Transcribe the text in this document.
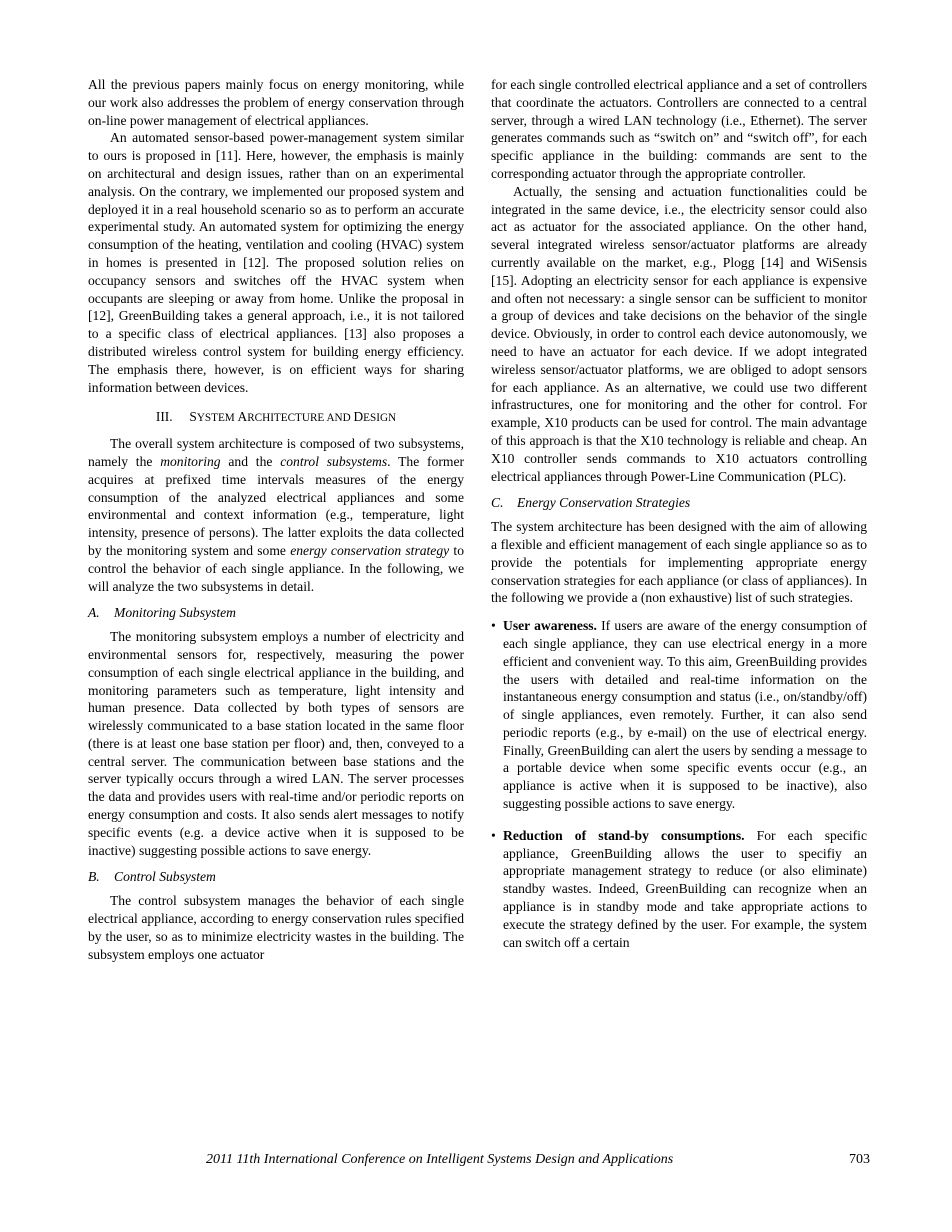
All the previous papers mainly focus on energy monitoring, while our work also addresses the problem of energy conservation through on-line power management of electrical appliances.

An automated sensor-based power-management system similar to ours is proposed in [11]. Here, however, the emphasis is mainly on architectural and design issues, rather than on an experimental analysis. On the contrary, we implemented our proposed system and deployed it in a real household scenario so as to perform an accurate experimental study. An automated system for optimizing the energy consumption of the heating, ventilation and cooling (HVAC) system in homes is presented in [12]. The proposed solution relies on occupancy sensors and switches off the HVAC system when occupants are sleeping or away from home. Unlike the proposal in [12], GreenBuilding takes a general approach, i.e., it is not tailored to a specific class of electrical appliances. [13] also proposes a distributed wireless control system for building energy efficiency. The emphasis there, however, is on efficient ways for sharing information between devices.

III. SYSTEM ARCHITECTURE AND DESIGN

The overall system architecture is composed of two subsystems, namely the monitoring and the control subsystems. The former acquires at prefixed time intervals measures of the energy consumption of the analyzed electrical appliances and some environmental and context information (e.g., temperature, light intensity, presence of persons). The latter exploits the data collected by the monitoring system and some energy conservation strategy to control the behavior of each single appliance. In the following, we will analyze the two subsystems in detail.

A. Monitoring Subsystem

The monitoring subsystem employs a number of electricity and environmental sensors for, respectively, measuring the power consumption of each single electrical appliance in the building, and monitoring parameters such as temperature, light intensity and human presence. Data collected by both types of sensors are wirelessly communicated to a base station located in the same floor (there is at least one base station per floor) and, then, conveyed to a central server. The communication between base stations and the server typically occurs through a wired LAN. The server processes the data and provides users with real-time and/or periodic reports on energy consumption and costs. It also sends alert messages to notify specific events (e.g. a device active when it is supposed to be inactive) suggesting possible actions to save energy.

B. Control Subsystem

The control subsystem manages the behavior of each single electrical appliance, according to energy conservation rules specified by the user, so as to minimize electricity wastes in the building. The subsystem employs one actuator

for each single controlled electrical appliance and a set of controllers that coordinate the actuators. Controllers are connected to a central server, through a wired LAN technology (i.e., Ethernet). The server generates commands such as “switch on” and “switch off”, for each specific appliance in the building: commands are sent to the corresponding actuator through the appropriate controller.

Actually, the sensing and actuation functionalities could be integrated in the same device, i.e., the electricity sensor could also act as actuator for the associated appliance. On the other hand, several integrated wireless sensor/actuator platforms are already currently available on the market, e.g., Plogg [14] and WiSensis [15]. Adopting an electricity sensor for each appliance is expensive and often not necessary: a single sensor can be sufficient to monitor a group of devices and take decisions on the behavior of the single device. Obviously, in order to control each device autonomously, we need to have an actuator for each device. If we adopt integrated wireless sensor/actuator platforms, we are obliged to adopt sensors for each appliance. As an alternative, we could use two different infrastructures, one for monitoring and the other for control. For example, X10 products can be used for control. The main advantage of this approach is that the X10 technology is reliable and cheap. An X10 controller sends commands to X10 actuators controlling electrical appliances through Power-Line Communication (PLC).

C. Energy Conservation Strategies

The system architecture has been designed with the aim of allowing a flexible and efficient management of each single appliance so as to provide the potentials for implementing appropriate energy conservation strategies for each appliance (or class of appliances). In the following we provide a (non exhaustive) list of such strategies.

• User awareness. If users are aware of the energy consumption of each single appliance, they can use electrical energy in a more efficient and convenient way. To this aim, GreenBuilding provides the users with detailed and real-time information on the instantaneous energy consumption and status (i.e., on/standby/off) of single appliances, even remotely. Further, it can also send periodic reports (e.g., by e-mail) on the use of electrical energy. Finally, GreenBuilding can alert the users by sending a message to a portable device when some specific events occur (e.g., an appliance is active when it is supposed to be inactive), also suggesting possible actions to save energy.
• Reduction of stand-by consumptions. For each specific appliance, GreenBuilding allows the user to specifiy an appropriate management strategy to reduce (or also eliminate) standby wastes. Indeed, GreenBuilding can recognize when an appliance is in standby mode and take appropriate actions to execute the strategy defined by the user. For example, the system can switch off a certain
2011 11th International Conference on Intelligent Systems Design and Applications	703
